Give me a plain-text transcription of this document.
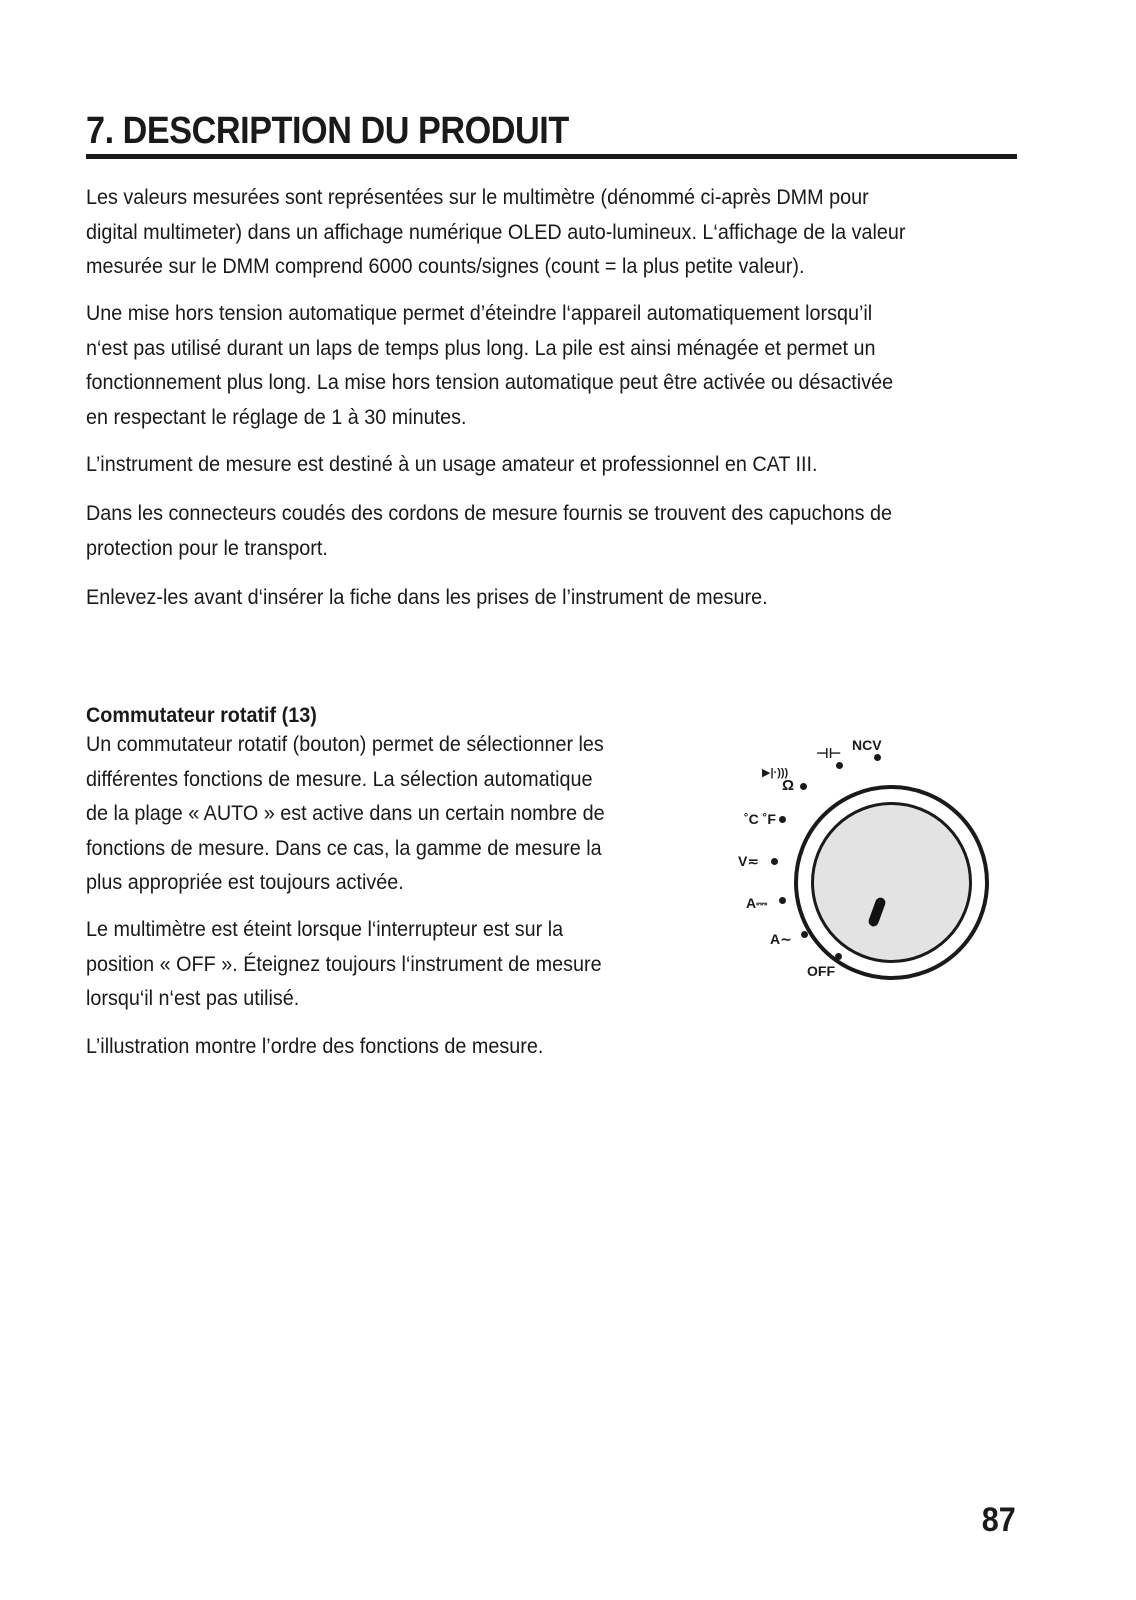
7. DESCRIPTION DU PRODUIT

Les valeurs mesurées sont représentées sur le multimètre (dénommé ci-après DMM pour
digital multimeter) dans un affichage numérique OLED auto-lumineux. L‘affichage de la valeur
mesurée sur le DMM comprend 6000 counts/signes (count = la plus petite valeur).

Une mise hors tension automatique permet d’éteindre l‘appareil automatiquement lorsqu’il
n‘est pas utilisé durant un laps de temps plus long. La pile est ainsi ménagée et permet un
fonctionnement plus long. La mise hors tension automatique peut être activée ou désactivée
en respectant le réglage de 1 à 30 minutes.

L’instrument de mesure est destiné à un usage amateur et professionnel en CAT III.

Dans les connecteurs coudés des cordons de mesure fournis se trouvent des capuchons de
protection pour le transport.

Enlevez-les avant d‘insérer la fiche dans les prises de l’instrument de mesure.

Commutateur rotatif (13)

Un commutateur rotatif (bouton) permet de sélectionner les
différentes fonctions de mesure. La sélection automatique
de la plage « AUTO » est active dans un certain nombre de
fonctions de mesure. Dans ce cas, la gamme de mesure la
plus appropriée est toujours activée.

Le multimètre est éteint lorsque l‘interrupteur est sur la
position « OFF ». Éteignez toujours l‘instrument de mesure
lorsqu‘il n‘est pas utilisé.

L’illustration montre l’ordre des fonctions de mesure.

NCV
⊣⊢
▶|·)))
Ω
˚C ˚F
V≂
A⎓
A∼
OFF

87
